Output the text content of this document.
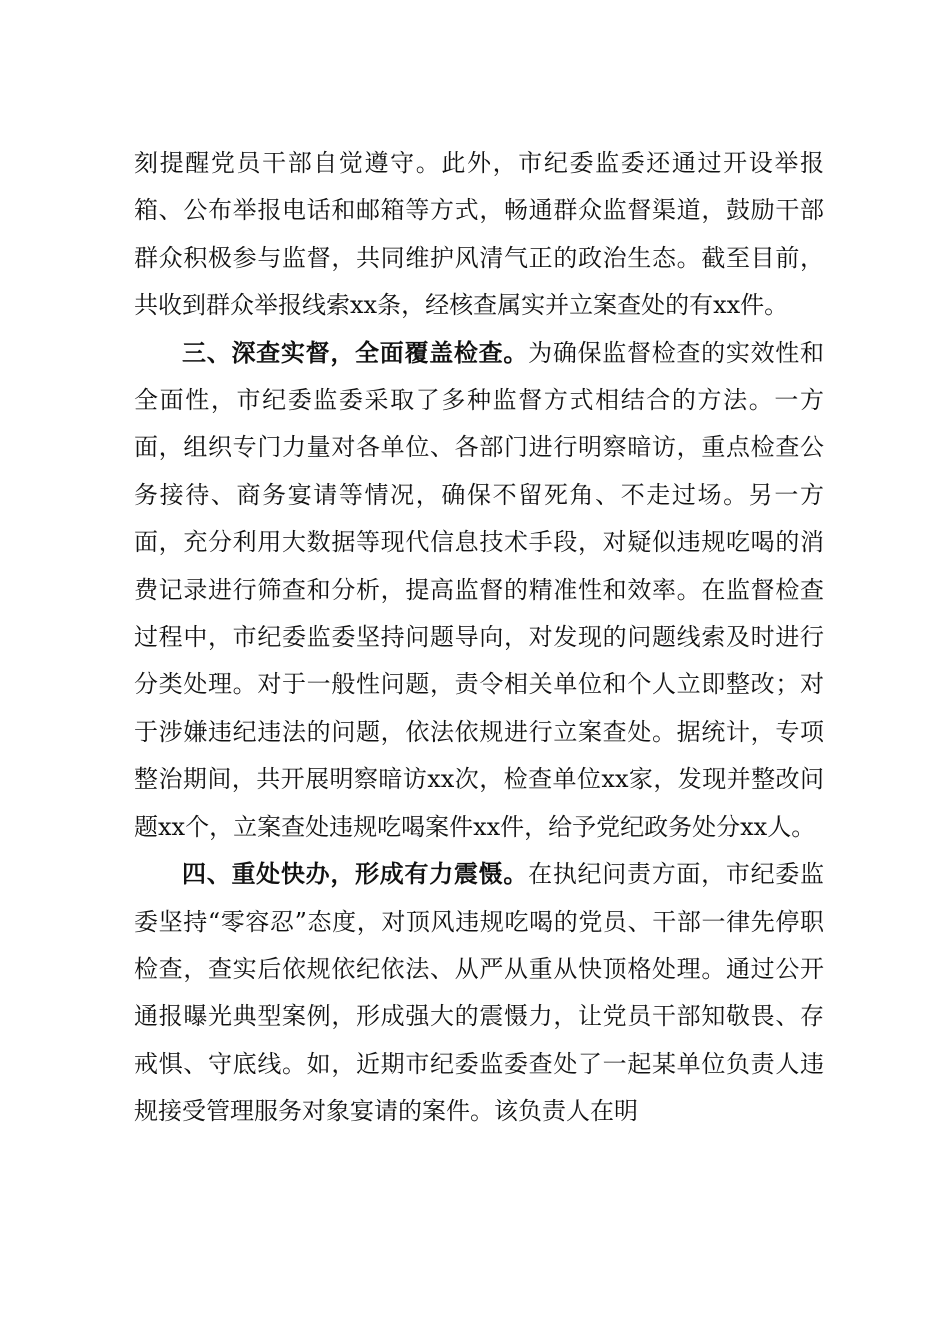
刻提醒党员干部自觉遵守。此外，市纪委监委还通过开设举报箱、公布举报电话和邮箱等方式，畅通群众监督渠道，鼓励干部群众积极参与监督，共同维护风清气正的政治生态。截至目前，共收到群众举报线索xx条，经核查属实并立案查处的有xx件。

三、深查实督，全面覆盖检查。为确保监督检查的实效性和全面性，市纪委监委采取了多种监督方式相结合的方法。一方面，组织专门力量对各单位、各部门进行明察暗访，重点检查公务接待、商务宴请等情况，确保不留死角、不走过场。另一方面，充分利用大数据等现代信息技术手段，对疑似违规吃喝的消费记录进行筛查和分析，提高监督的精准性和效率。在监督检查过程中，市纪委监委坚持问题导向，对发现的问题线索及时进行分类处理。对于一般性问题，责令相关单位和个人立即整改；对于涉嫌违纪违法的问题，依法依规进行立案查处。据统计，专项整治期间，共开展明察暗访xx次，检查单位xx家，发现并整改问题xx个，立案查处违规吃喝案件xx件，给予党纪政务处分xx人。

四、重处快办，形成有力震慑。在执纪问责方面，市纪委监委坚持“零容忍”态度，对顶风违规吃喝的党员、干部一律先停职检查，查实后依规依纪依法、从严从重从快顶格处理。通过公开通报曝光典型案例，形成强大的震慑力，让党员干部知敬畏、存戒惧、守底线。如，近期市纪委监委查处了一起某单位负责人违规接受管理服务对象宴请的案件。该负责人在明
